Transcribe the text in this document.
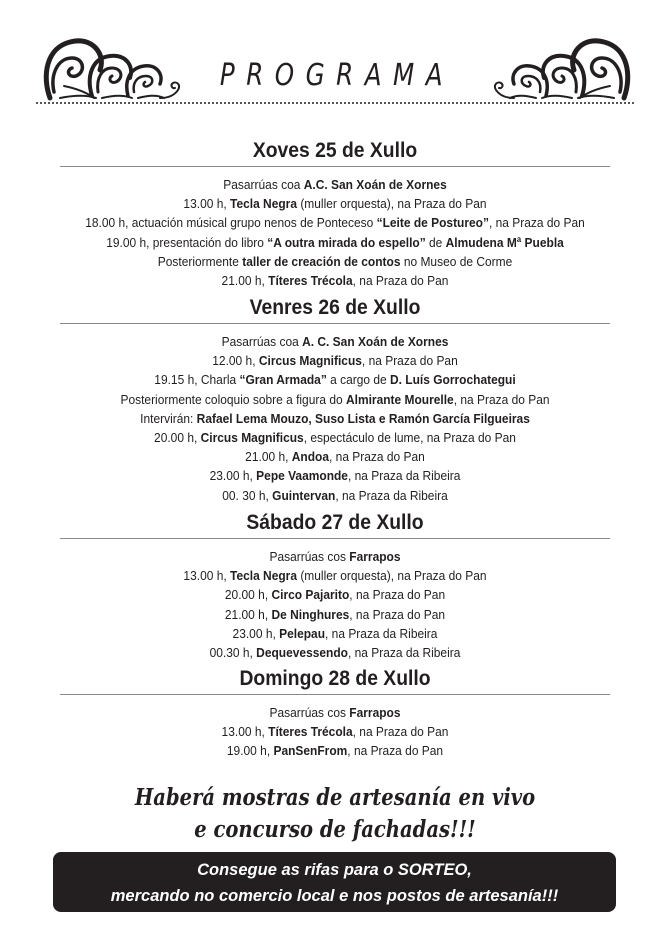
PROGRAMA
Xoves 25 de Xullo
Pasarrúas coa A.C. San Xoán de Xornes
13.00 h, Tecla Negra (muller orquesta), na Praza do Pan
18.00 h, actuación músical grupo nenos de Ponteceso “Leite de Postureo”, na Praza do Pan
19.00 h, presentación do libro “A outra mirada do espello” de Almudena Mª Puebla
Posteriormente taller de creación de contos no Museo de Corme
21.00 h, Títeres Trécola, na Praza do Pan
Venres 26 de Xullo
Pasarrúas coa A. C. San Xoán de Xornes
12.00 h, Circus Magnificus, na Praza do Pan
19.15 h, Charla “Gran Armada” a cargo de D. Luís Gorrochategui
Posteriormente coloquio sobre a figura do Almirante Mourelle, na Praza do Pan
Intervirán: Rafael Lema Mouzo, Suso Lista e Ramón García Filgueiras
20.00 h, Circus Magnificus, espectáculo de lume, na Praza do Pan
21.00 h, Andoa, na Praza do Pan
23.00 h, Pepe Vaamonde, na Praza da Ribeira
00. 30 h, Guintervan, na Praza da Ribeira
Sábado 27 de Xullo
Pasarrúas cos Farrapos
13.00 h, Tecla Negra (muller orquesta), na Praza do Pan
20.00 h, Circo Pajarito, na Praza do Pan
21.00 h, De Ninghures, na Praza do Pan
23.00 h, Pelepau, na Praza da Ribeira
00.30 h, Dequevessendo, na Praza da Ribeira
Domingo 28 de Xullo
Pasarrúas cos Farrapos
13.00 h, Títeres Trécola, na Praza do Pan
19.00 h, PanSenFrom, na Praza do Pan
Haberá mostras de artesanía en vivo
e concurso de fachadas!!!
Consegue as rifas para o SORTEO,
mercando no comercio local e nos postos de artesanía!!!
